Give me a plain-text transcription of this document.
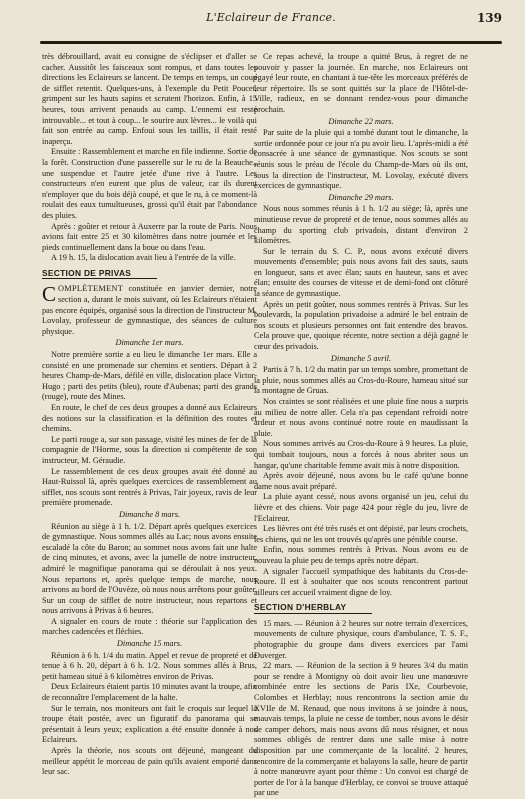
L'Eclaireur de France.	139

très débrouillard, avait eu consigne de s'éclipser et d'aller se cacher. Aussitôt les faisceaux sont rompus, et dans toutes les directions les Eclaireurs se lancent. De temps en temps, un coup de sifflet retentit. Quelques-uns, à l'exemple du Petit Poucet, grimpent sur les hauts sapins et scrutent l'horizon. Enfin, à 15 heures, tous arrivent penauds au camp. L'ennemi est resté introuvable... et tout à coup... le sourire aux lèvres... le voilà qui fait son entrée au camp. Enfoui sous les taillis, il était resté inaperçu.

Ensuite : Rassemblement et marche en file indienne. Sortie de la forêt. Construction d'une passerelle sur le ru de la Beauche., une suspendue et l'autre jetée d'une rive à l'autre. Les constructeurs n'en eurent que plus de valeur, car ils durent n'employer que du bois déjà coupé, et que le ru, à ce moment-là roulait des eaux tumultueuses, grossi qu'il était par l'abondance des pluies.

Après : goûter et retour à Auxerre par la route de Paris. Nous avions fait entre 25 et 30 kilomètres dans notre journée et les pieds continuellement dans la boue ou dans l'eau.

A 19 h. 15, la dislocation avait lieu à l'entrée de la ville.

SECTION DE PRIVAS

COMPLÈTEMENT constituée en janvier dernier, notre section a, durant le mois suivant, où les Eclaireurs n'étaient pas encore équipés, organisé sous la direction de l'instructeur M. Lovolay, professeur de gymnastique, des séances de culture physique.

Dimanche 1er mars.

Notre première sortie a eu lieu le dimanche 1er mars. Elle a consisté en une promenade sur chemins et sentiers. Départ à 2 heures Champ-de-Mars, défilé en ville, dislocation place Victor-Hugo ; parti des petits (bleu), route d'Aubenas; parti des grands (rouge), route des Mines.

En route, le chef de ces deux groupes a donné aux Eclaireurs des notions sur la classification et la définition des routes et chemins.

Le parti rouge a, sur son passage, visité les mines de fer de la compagnie de l'Horme, sous la direction si compétente de son instructeur, M. Géraudie.

Le rassemblement de ces deux groupes avait été donné au Haut-Ruissol là, après quelques exercices de rassemblement au sifflet, nos scouts sont rentrés à Privas, l'air joyeux, ravis de leur première promenade.

Dimanche 8 mars.

Réunion au siège à 1 h. 1/2. Départ après quelques exercices de gymnastique. Nous sommes allés au Lac; nous avons ensuite escaladé la côte du Baron; au sommet nous avons fait une halte de cinq minutes, et avons, avec la jumelle de notre instructeur, admiré le magnifique panorama qui se déroulait à nos yeux. Nous repartons et, après quelque temps de marche, nous arrivons au bord de l'Ouvèze, où nous nous arrêtons pour goûter. Sur un coup de sifflet de notre instructeur, nous repartons et nous arrivons à Privas à 6 heures.

A signaler en cours de route : théorie sur l'application des marches cadencées et fléchies.

Dimanche 15 mars.

Réunion à 6 h. 1/4 du matin. Appel et revue de propreté et de tenue à 6 h. 20, départ à 6 h. 1/2. Nous sommes allés à Brus, petit hameau situé à 6 kilomètres environ de Privas.

Deux Eclaireurs étaient partis 10 minutes avant la troupe, afin de reconnaître l'emplacement de la halte.

Sur le terrain, nos moniteurs ont fait le croquis sur lequel la troupe était postée, avec un figuratif du panorama qui se présentait à leurs yeux; explication a été ensuite donnée à nos Eclaireurs.

Après la théorie, nos scouts ont déjeuné, mangeant du meilleur appétit le morceau de pain qu'ils avaient emporté dans leur sac.

Ce repas achevé, la troupe a quitté Brus, à regret de ne pouvoir y passer la journée. En marche, nos Eclaireurs ont égayé leur route, en chantant à tue-tête les morceaux préférés de leur répertoire. Ils se sont quittés sur la place de l'Hôtel-de-Ville, radieux, en se donnant rendez-vous pour dimanche prochain.

Dimanche 22 mars.

Par suite de la pluie qui a tombé durant tout le dimanche, la sortie ordonnée pour ce jour n'a pu avoir lieu. L'après-midi a été consacrée à une séance de gymnastique. Nos scouts se sont réunis sous le préau de l'école du Champ-de-Mars où ils ont, sous la direction de l'instructeur, M. Lovolay, exécuté divers exercices de gymnastique.

Dimanche 29 mars.

Nous nous sommes réunis à 1 h. 1/2 au siège; là, après une minutieuse revue de propreté et de tenue, nous sommes allés au champ du sporting club privadois, distant d'environ 2 kilomètres.

Sur le terrain du S. C. P., nous avons exécuté divers mouvements d'ensemble; puis nous avons fait des sauts, sauts en longueur, sans et avec élan; sauts en hauteur, sans et avec élan; ensuite des courses de vitesse et de demi-fond ont clôturé la séance de gymnastique.

Après un petit goûter, nous sommes rentrés à Privas. Sur les boulevards, la population privadoise a admiré le bel entrain de nos scouts et plusieurs personnes ont fait entendre des bravos. Cela prouve que, quoique récente, notre section a déjà gagné le cœur des privadois.

Dimanche 5 avril.

Partis à 7 h. 1/2 du matin par un temps sombre, promettant de la pluie, nous sommes allés au Cros-du-Roure, hameau situé sur la montagne de Gruas.

Nos craintes se sont réalisées et une pluie fine nous a surpris au milieu de notre aller. Cela n'a pas cependant refroidi notre ardeur et nous avons continué notre route en maudissant la pluie.

Nous sommes arrivés au Cros-du-Roure à 9 heures. La pluie, qui tombait toujours, nous a forcés à nous abriter sous un hangar, qu'une charitable femme avait mis à notre disposition.

Après avoir déjeuné, nous avons bu le café qu'une bonne dame nous avait préparé.

La pluie ayant cessé, nous avons organisé un jeu, celui du lièvre et des chiens. Voir page 424 pour règle du jeu, livre de l'Eclaireur.

Les lièvres ont été très rusés et ont dépisté, par leurs crochets, les chiens, qui ne les ont trouvés qu'après une pénible course.

Enfin, nous sommes rentrés à Privas. Nous avons eu de nouveau la pluie peu de temps après notre départ.

A signaler l'accueil sympathique des habitants du Cros-de-Roure. Il est à souhaiter que nos scouts rencontrent partout ailleurs cet accueil vraiment digne de loy.

SECTION D'HERBLAY

15 mars. — Réunion à 2 heures sur notre terrain d'exercices, mouvements de culture physique, cours d'ambulance, T. S. F., photographie du groupe dans divers exercices par l'ami Duverger.

22 mars. — Réunion de la section à 9 heures 3/4 du matin pour se rendre à Montigny où doit avoir lieu une manœuvre combinée entre les sections de Paris IXe, Courbevoie, Colombes et Herblay; nous rencontrons la section amie du XVIIe de M. Renaud, que nous invitons à se joindre à nous, mauvais temps, la pluie ne cesse de tomber, nous avons le désir de camper dehors, mais nous avons dû nous résigner, et nous sommes obligés de rentrer dans une salle mise à notre disposition par une commerçante de la localité. 2 heures, rencontre de la commerçante et balayons la salle, heure de partir à notre manœuvre ayant pour thème : Un convoi est chargé de porter de l'or à la banque d'Herblay, ce convoi se trouve attaqué par une
